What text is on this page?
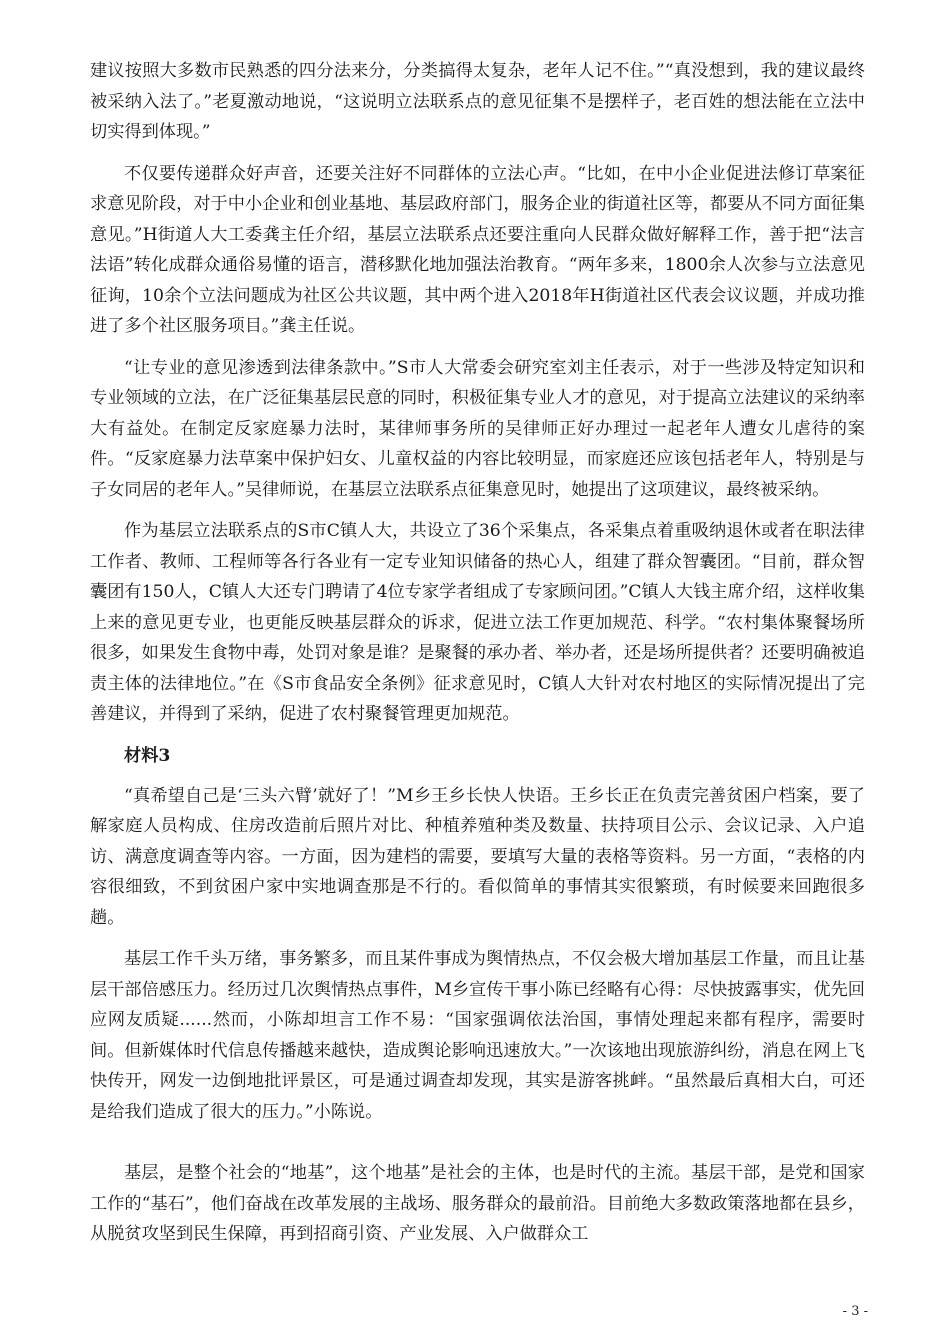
建议按照大多数市民熟悉的四分法来分，分类搞得太复杂，老年人记不住。”“真没想到，我的建议最终被采纳入法了。”老夏激动地说，“这说明立法联系点的意见征集不是摆样子，老百姓的想法能在立法中切实得到体现。”

不仅要传递群众好声音，还要关注好不同群体的立法心声。“比如，在中小企业促进法修订草案征求意见阶段，对于中小企业和创业基地、基层政府部门，服务企业的街道社区等，都要从不同方面征集意见。”H街道人大工委龚主任介绍，基层立法联系点还要注重向人民群众做好解释工作，善于把“法言法语”转化成群众通俗易懂的语言，潜移默化地加强法治教育。“两年多来，1800余人次参与立法意见征询，10余个立法问题成为社区公共议题，其中两个进入2018年H街道社区代表会议议题，并成功推进了多个社区服务项目。”龚主任说。

“让专业的意见渗透到法律条款中。”S市人大常委会研究室刘主任表示，对于一些涉及特定知识和专业领域的立法，在广泛征集基层民意的同时，积极征集专业人才的意见，对于提高立法建议的采纳率大有益处。在制定反家庭暴力法时，某律师事务所的吴律师正好办理过一起老年人遭女儿虐待的案件。“反家庭暴力法草案中保护妇女、儿童权益的内容比较明显，而家庭还应该包括老年人，特别是与子女同居的老年人。”吴律师说，在基层立法联系点征集意见时，她提出了这项建议，最终被采纳。

作为基层立法联系点的S市C镇人大，共设立了36个采集点，各采集点着重吸纳退休或者在职法律工作者、教师、工程师等各行各业有一定专业知识储备的热心人，组建了群众智囊团。“目前，群众智囊团有150人，C镇人大还专门聘请了4位专家学者组成了专家顾问团。”C镇人大钱主席介绍，这样收集上来的意见更专业，也更能反映基层群众的诉求，促进立法工作更加规范、科学。“农村集体聚餐场所很多，如果发生食物中毒，处罚对象是谁？是聚餐的承办者、举办者，还是场所提供者？还要明确被追责主体的法律地位。”在《S市食品安全条例》征求意见时，C镇人大针对农村地区的实际情况提出了完善建议，并得到了采纳，促进了农村聚餐管理更加规范。

材料3

“真希望自己是‘三头六臂’就好了！”M乡王乡长快人快语。王乡长正在负责完善贫困户档案，要了解家庭人员构成、住房改造前后照片对比、种植养殖种类及数量、扶持项目公示、会议记录、入户追访、满意度调查等内容。一方面，因为建档的需要，要填写大量的表格等资料。另一方面，“表格的内容很细致，不到贫困户家中实地调查那是不行的。看似简单的事情其实很繁琐，有时候要来回跑很多趟。

基层工作千头万绪，事务繁多，而且某件事成为舆情热点，不仅会极大增加基层工作量，而且让基层干部倍感压力。经历过几次舆情热点事件，M乡宣传干事小陈已经略有心得：尽快披露事实，优先回应网友质疑......然而，小陈却坦言工作不易：“国家强调依法治国，事情处理起来都有程序，需要时间。但新媒体时代信息传播越来越快，造成舆论影响迅速放大。”一次该地出现旅游纠纷，消息在网上飞快传开，网发一边倒地批评景区，可是通过调查却发现，其实是游客挑衅。“虽然最后真相大白，可还是给我们造成了很大的压力。”小陈说。

基层，是整个社会的“地基”，这个地基”是社会的主体，也是时代的主流。基层干部，是党和国家工作的“基石”，他们奋战在改革发展的主战场、服务群众的最前沿。目前绝大多数政策落地都在县乡，从脱贫攻坚到民生保障，再到招商引资、产业发展、入户做群众工

- 3 -
